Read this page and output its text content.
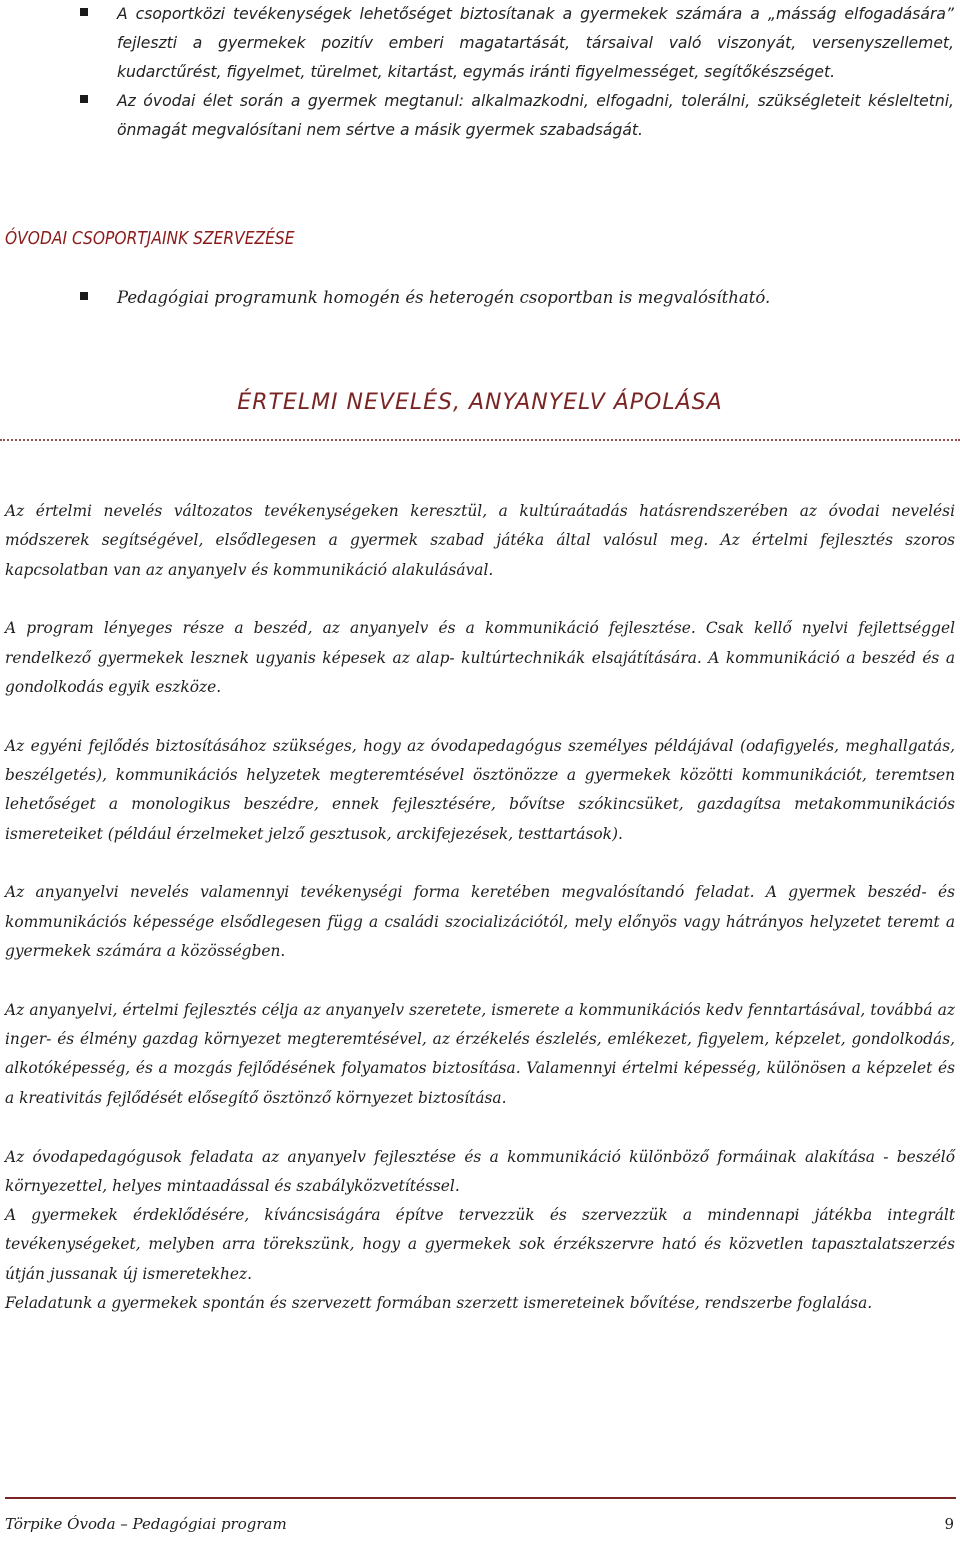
A csoportközi tevékenységek lehetőséget biztosítanak a gyermekek számára a „másság elfogadására” fejleszti a gyermekek pozitív emberi magatartását, társaival való viszonyát, versenyszellemet, kudarctűrést, figyelmet, türelmet, kitartást, egymás iránti figyelmességet, segítőkészséget.
Az óvodai élet során a gyermek megtanul: alkalmazkodni, elfogadni, tolerálni, szükségleteit késleltetni, önmagát megvalósítani nem sértve a másik gyermek szabadságát.
ÓVODAI CSOPORTJAINK SZERVEZÉSE
Pedagógiai programunk homogén és heterogén csoportban is megvalósítható.
ÉRTELMI NEVELÉS, ANYANYELV ÁPOLÁSA

Az értelmi nevelés változatos tevékenységeken keresztül, a kultúraátadás hatásrendszerében az óvodai nevelési módszerek segítségével, elsődlegesen a gyermek szabad játéka által valósul meg. Az értelmi fejlesztés szoros kapcsolatban van az anyanyelv és kommunikáció alakulásával.

A program lényeges része a beszéd, az anyanyelv és a kommunikáció fejlesztése. Csak kellő nyelvi fejlettséggel rendelkező gyermekek lesznek ugyanis képesek az alap- kultúrtechnikák elsajátítására. A kommunikáció a beszéd és a gondolkodás egyik eszköze.

Az egyéni fejlődés biztosításához szükséges, hogy az óvodapedagógus személyes példájával (odafigyelés, meghallgatás, beszélgetés), kommunikációs helyzetek megteremtésével ösztönözze a gyermekek közötti kommunikációt, teremtsen lehetőséget a monologikus beszédre, ennek fejlesztésére, bővítse szókincsüket, gazdagítsa metakommunikációs ismereteiket (például érzelmeket jelző gesztusok, arckifejezések, testtartások).

Az anyanyelvi nevelés valamennyi tevékenységi forma keretében megvalósítandó feladat. A gyermek beszéd- és kommunikációs képessége elsődlegesen függ a családi szocializációtól, mely előnyös vagy hátrányos helyzetet teremt a gyermekek számára a közösségben.

Az anyanyelvi, értelmi fejlesztés célja az anyanyelv szeretete, ismerete a kommunikációs kedv fenntartásával, továbbá az inger- és élmény gazdag környezet megteremtésével, az érzékelés észlelés, emlékezet, figyelem, képzelet, gondolkodás, alkotóképesség, és a mozgás fejlődésének folyamatos biztosítása. Valamennyi értelmi képesség, különösen a képzelet és a kreativitás fejlődését elősegítő ösztönző környezet biztosítása.

Az óvodapedagógusok feladata az anyanyelv fejlesztése és a kommunikáció különböző formáinak alakítása - beszélő környezettel, helyes mintaadással és szabályközvetítéssel.

A gyermekek érdeklődésére, kíváncsiságára építve tervezzük és szervezzük a mindennapi játékba integrált tevékenységeket, melyben arra törekszünk, hogy a gyermekek sok érzékszervre ható és közvetlen tapasztalatszerzés útján jussanak új ismeretekhez.

Feladatunk a gyermekek spontán és szervezett formában szerzett ismereteinek bővítése, rendszerbe foglalása.

Törpike Óvoda – Pedagógiai program	9
